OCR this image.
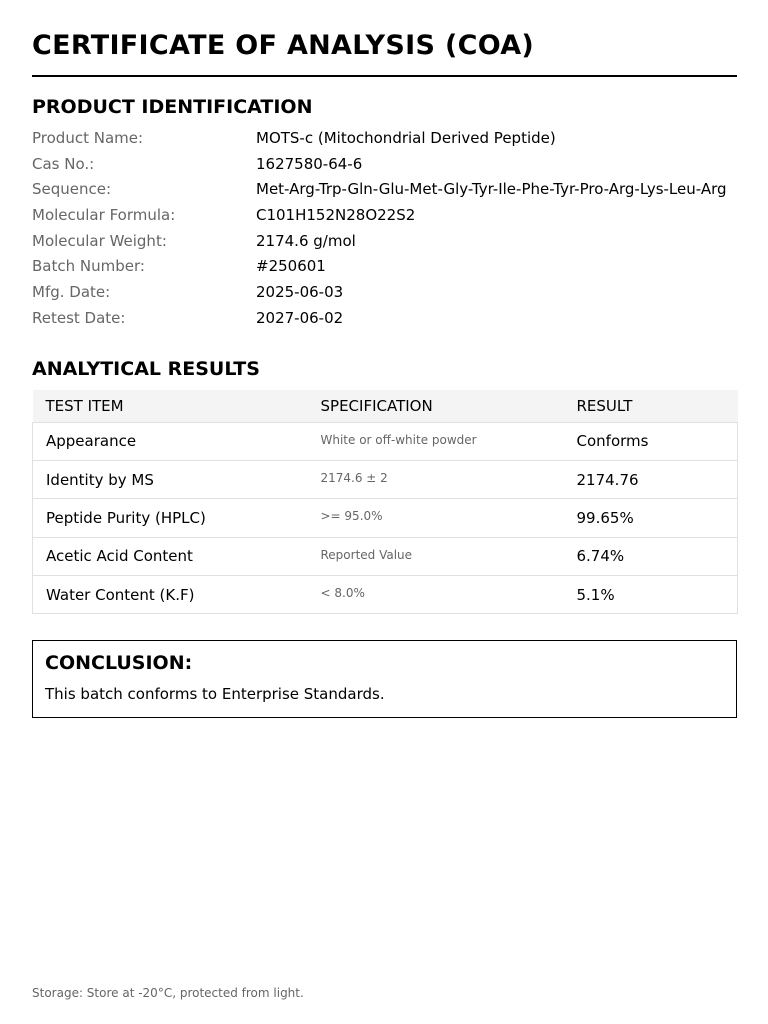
CERTIFICATE OF ANALYSIS (COA)
PRODUCT IDENTIFICATION
Product Name:	MOTS-c (Mitochondrial Derived Peptide)
Cas No.:	1627580-64-6
Sequence:	Met-Arg-Trp-Gln-Glu-Met-Gly-Tyr-Ile-Phe-Tyr-Pro-Arg-Lys-Leu-Arg
Molecular Formula:	C101H152N28O22S2
Molecular Weight:	2174.6 g/mol
Batch Number:	#250601
Mfg. Date:	2025-06-03
Retest Date:	2027-06-02
ANALYTICAL RESULTS
TEST ITEM	SPECIFICATION	RESULT
Appearance	White or off-white powder	Conforms
Identity by MS	2174.6 ± 2	2174.76
Peptide Purity (HPLC)	>= 95.0%	99.65%
Acetic Acid Content	Reported Value	6.74%
Water Content (K.F)	< 8.0%	5.1%
CONCLUSION:
This batch conforms to Enterprise Standards.
Storage: Store at -20°C, protected from light.
